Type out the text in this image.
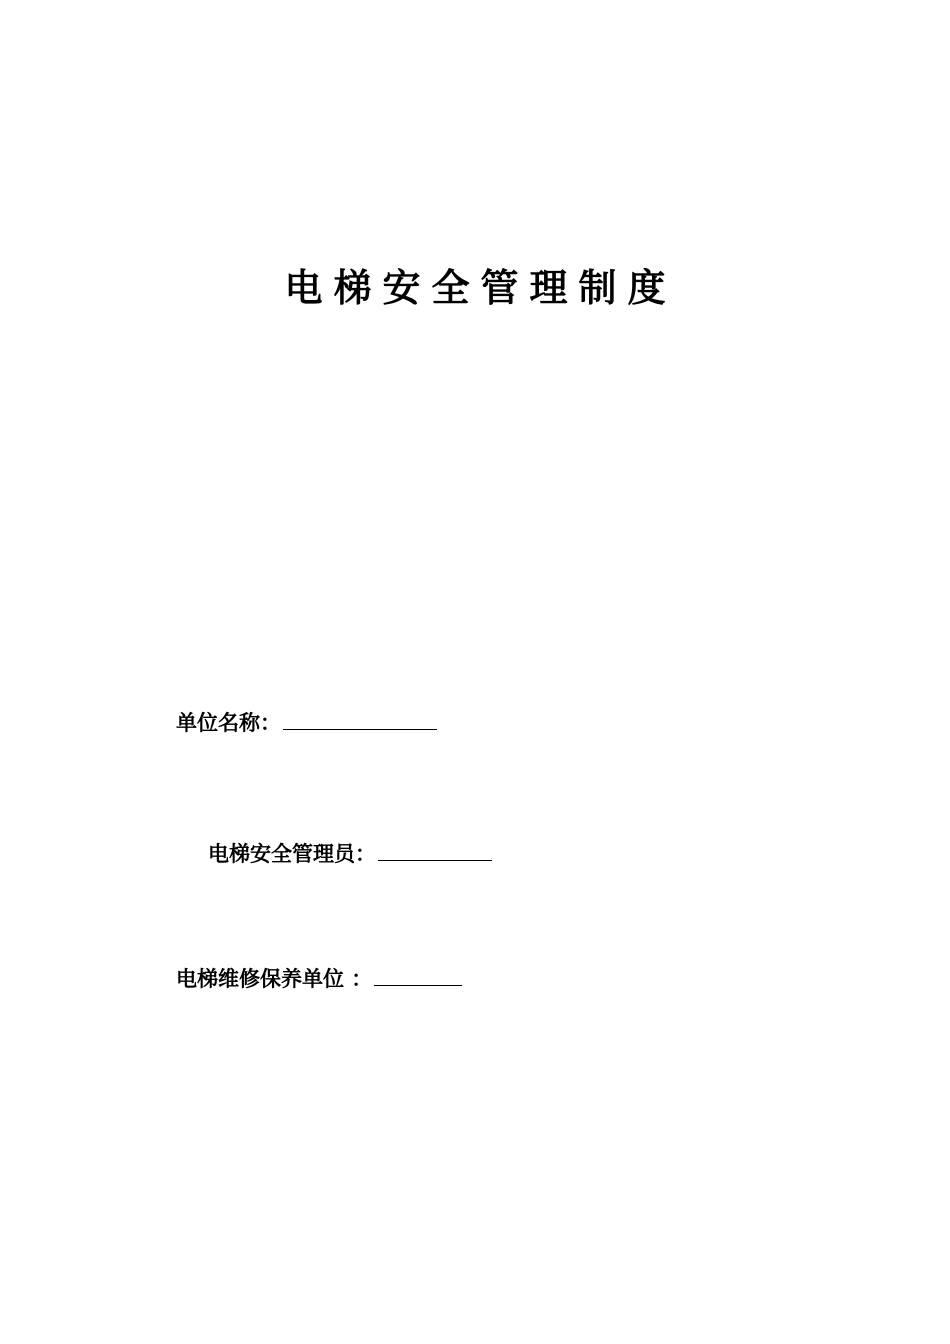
电梯安全管理制度
单位名称：
电梯安全管理员：
电梯维修保养单位 ：
